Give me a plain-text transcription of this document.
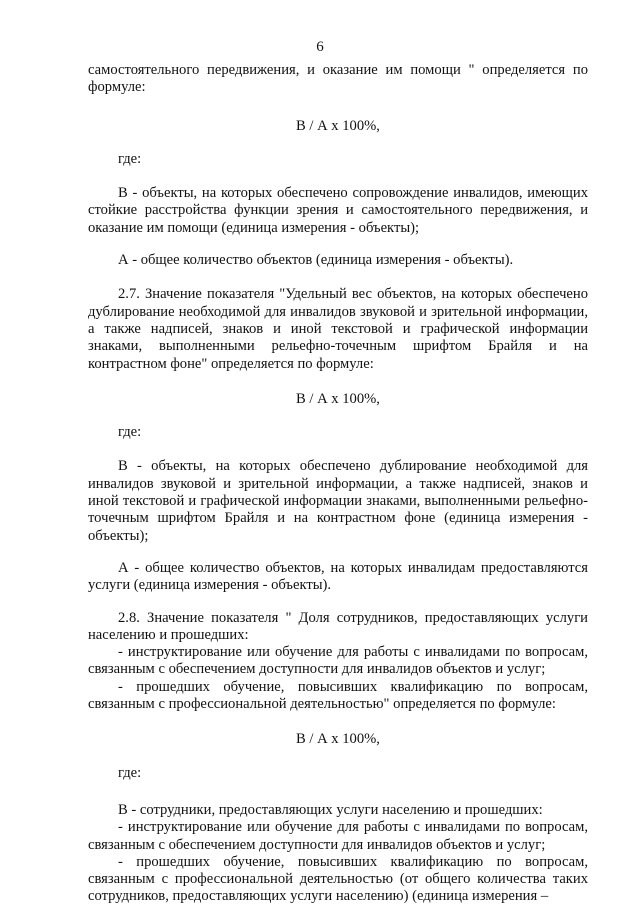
6

самостоятельного передвижения, и оказание им помощи " определяется по формуле:

В / А х 100%,

где:

В - объекты, на которых обеспечено сопровождение инвалидов, имеющих стойкие расстройства функции зрения и самостоятельного передвижения, и оказание им помощи (единица измерения - объекты);

А - общее количество объектов (единица измерения - объекты).

2.7. Значение показателя "Удельный вес объектов, на которых обеспечено дублирование необходимой для инвалидов звуковой и зрительной информации, а также надписей, знаков и иной текстовой и графической информации знаками, выполненными рельефно-точечным шрифтом Брайля и на контрастном фоне" определяется по формуле:

В / А х 100%,

где:

В - объекты, на которых обеспечено дублирование необходимой для инвалидов звуковой и зрительной информации, а также надписей, знаков и иной текстовой и графической информации знаками, выполненными рельефно-точечным шрифтом Брайля и на контрастном фоне (единица измерения - объекты);

А - общее количество объектов, на которых инвалидам предоставляются услуги (единица измерения - объекты).

2.8. Значение показателя " Доля сотрудников, предоставляющих услуги населению и прошедших:

- инструктирование или обучение для работы с инвалидами по вопросам, связанным с обеспечением доступности для инвалидов объектов и услуг;

- прошедших обучение, повысивших квалификацию по вопросам, связанным с профессиональной деятельностью" определяется по формуле:

В / А х 100%,

где:

В - сотрудники, предоставляющих услуги населению и прошедших:

- инструктирование или обучение для работы с инвалидами по вопросам, связанным с обеспечением доступности для инвалидов объектов и услуг;

- прошедших обучение, повысивших квалификацию по вопросам, связанным с профессиональной деятельностью (от общего количества таких сотрудников, предоставляющих услуги населению) (единица измерения –
